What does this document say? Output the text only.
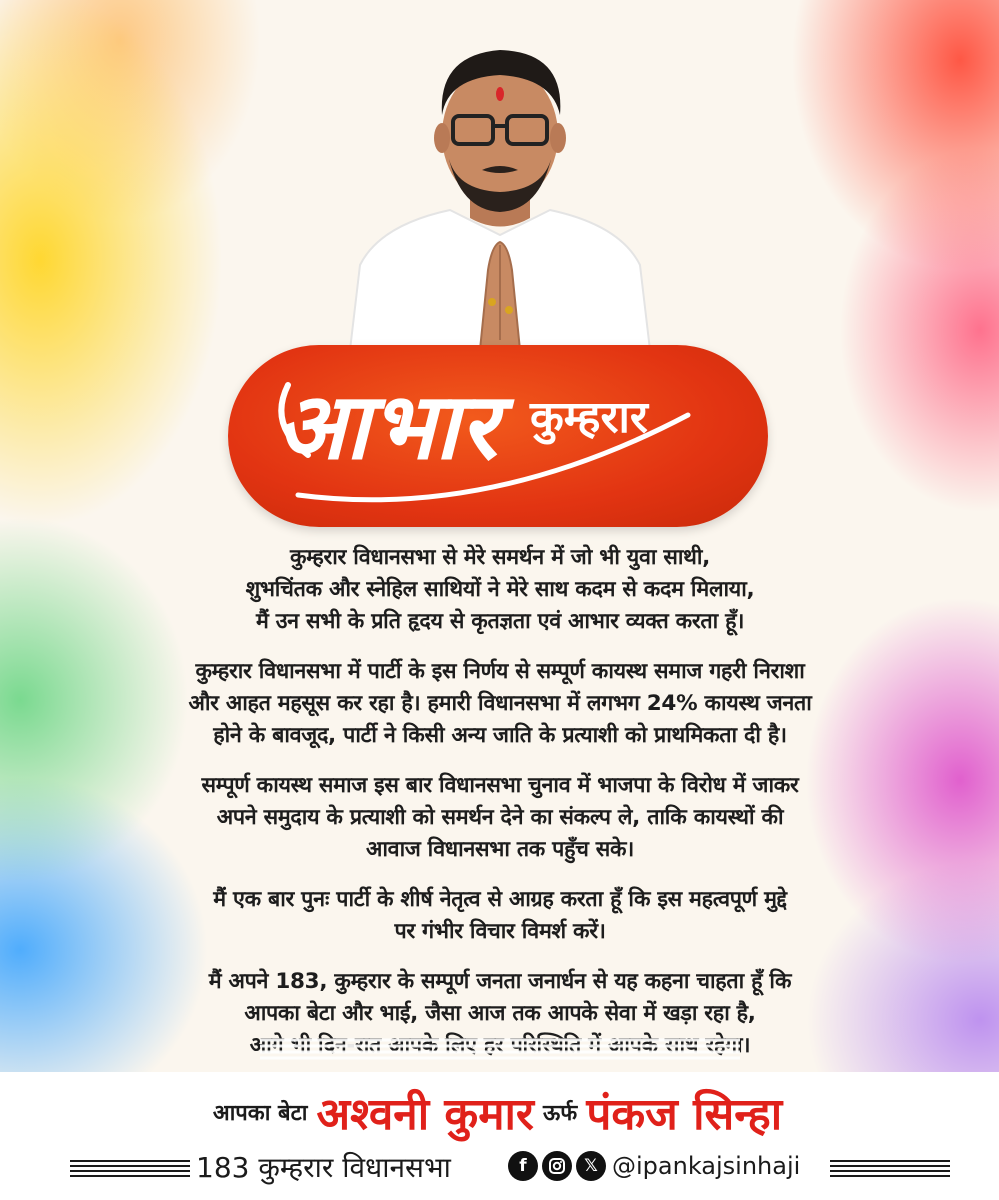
आभार कुम्हरार

कुम्हरार विधानसभा से मेरे समर्थन में जो भी युवा साथी,
शुभचिंतक और स्नेहिल साथियों ने मेरे साथ कदम से कदम मिलाया,
मैं उन सभी के प्रति हृदय से कृतज्ञता एवं आभार व्यक्त करता हूँ।

कुम्हरार विधानसभा में पार्टी के इस निर्णय से सम्पूर्ण कायस्थ समाज गहरी निराशा
और आहत महसूस कर रहा है। हमारी विधानसभा में लगभग 24% कायस्थ जनता
होने के बावजूद, पार्टी ने किसी अन्य जाति के प्रत्याशी को प्राथमिकता दी है।

सम्पूर्ण कायस्थ समाज इस बार विधानसभा चुनाव में भाजपा के विरोध में जाकर
अपने समुदाय के प्रत्याशी को समर्थन देने का संकल्प ले, ताकि कायस्थों की
आवाज विधानसभा तक पहुँच सके।

मैं एक बार पुनः पार्टी के शीर्ष नेतृत्व से आग्रह करता हूँ कि इस महत्वपूर्ण मुद्दे
पर गंभीर विचार विमर्श करें।

मैं अपने 183, कुम्हरार के सम्पूर्ण जनता जनार्धन से यह कहना चाहता हूँ कि
आपका बेटा और भाई, जैसा आज तक आपके सेवा में खड़ा रहा है,
आगे भी दिन-रात आपके लिए हर परिस्थिति में आपके साथ रहेगा।

आपका बेटा अश्वनी कुमार ऊर्फ पंकज सिन्हा
183 कुम्हरार विधानसभा	f	𝕏 @ipankajsinhaji
